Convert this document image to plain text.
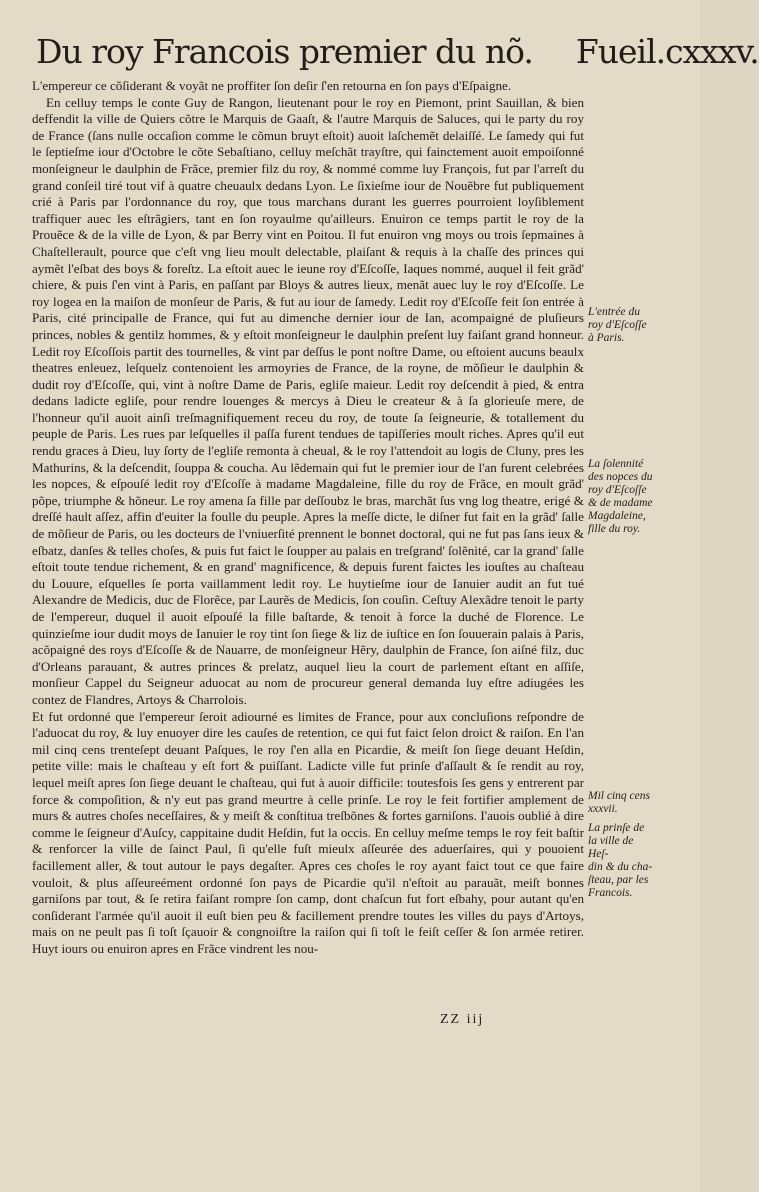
Du roy Francois premier du nõ. Fueil.cxxxv.

L'empereur ce cõſiderant & voyãt ne proffiter ſon deſir ſ'en retourna en ſon pays d'Eſpaigne.

En celluy temps le conte Guy de Rangon, lieutenant pour le roy en Piemont, print Sauillan, & bien deffendit la ville de Quiers cõtre le Marquis de Gaaſt, & l'autre Marquis de Saluces, qui le party du roy de France (ſans nulle occaſion comme le cõmun bruyt eſtoit) auoit laſchemẽt delaiſſé. Le ſamedy qui fut le ſeptieſme iour d'Octobre le cõte Sebaſtiano, celluy meſchãt trayſtre, qui fainctement auoit empoiſonné monſeigneur le daulphin de Frãce, premier filz du roy, & nommé comme luy François, fut par l'arreſt du grand conſeil tiré tout vif à quatre cheuaulx dedans Lyon. Le ſixieſme iour de Nouẽbre fut publiquement crié à Paris par l'ordonnance du roy, que tous marchans durant les guerres pourroient loyſiblement traffiquer auec les eſtrãgiers, tant en ſon royaulme qu'ailleurs. Enuiron ce temps partit le roy de la Prouẽce & de la ville de Lyon, & par Berry vint en Poitou. Il fut enuiron vng moys ou trois ſepmaines à Chaſtellerault, pource que c'eſt vng lieu moult delectable, plaiſant & requis à la chaſſe des princes qui aymẽt l'eſbat des boys & foreſtz. La eſtoit auec le ieune roy d'Eſcoſſe, Iaques nommé, auquel il feit grãd' chiere, & puis ſ'en vint à Paris, en paſſant par Bloys & autres lieux, menãt auec luy le roy d'Eſcoſſe. Le roy logea en la maiſon de monſeur de Paris, & fut au iour de ſamedy. Ledit roy d'Eſcoſſe feit ſon entrée à Paris, cité principalle de France, qui fut au dimenche dernier iour de Ian, acompaigné de pluſieurs princes, nobles & gentilz hommes, & y eſtoit monſeigneur le daulphin preſent luy faiſant grand honneur. Ledit roy Eſcoſſois partit des tournelles, & vint par deſſus le pont noſtre Dame, ou eſtoient aucuns beaulx theatres enleuez, leſquelz contenoient les armoyries de France, de la royne, de mõſieur le daulphin & dudit roy d'Eſcoſſe, qui, vint à noſtre Dame de Paris, egliſe maieur. Ledit roy deſcendit à pied, & entra dedans ladicte egliſe, pour rendre louenges & mercys à Dieu le createur & à ſa glorieuſe mere, de l'honneur qu'il auoit ainſi treſmagnifiquement receu du roy, de toute ſa ſeigneurie, & totallement du peuple de Paris. Les rues par leſquelles il paſſa furent tendues de tapiſſeries moult riches. Apres qu'il eut rendu graces à Dieu, luy ſorty de l'egliſe remonta à cheual, & le roy l'attendoit au logis de Cluny, pres les Mathurins, & la deſcendit, ſouppa & coucha. Au lẽdemain qui fut le premier iour de l'an furent celebrées les nopces, & eſpouſé ledit roy d'Eſcoſſe à madame Magdaleine, fille du roy de Frãce, en moult grãd' põpe, triumphe & hõneur. Le roy amena ſa fille par deſſoubz le bras, marchãt ſus vng log theatre, erigé & dreſſé hault aſſez, affin d'euiter la foulle du peuple. Apres la meſſe dicte, le diſner fut fait en la grãd' ſalle de mõſieur de Paris, ou les docteurs de l'vniuerſité prennent le bonnet doctoral, qui ne fut pas ſans ieux & eſbatz, danſes & telles choſes, & puis fut faict le ſoupper au palais en treſgrand' ſolẽnité, car la grand' ſalle eſtoit toute tendue richement, & en grand' magnificence, & depuis furent faictes les iouſtes au chaſteau du Louure, eſquelles ſe porta vaillamment ledit roy. Le huytieſme iour de Ianuier audit an fut tué Alexandre de Medicis, duc de Florẽce, par Laurẽs de Medicis, ſon couſin. Ceſtuy Alexãdre tenoit le party de l'empereur, duquel il auoit eſpouſé la fille baſtarde, & tenoit à force la duché de Florence. Le quinzieſme iour dudit moys de Ianuier le roy tint ſon ſiege & liz de iuſtice en ſon ſouuerain palais à Paris, acõpaigné des roys d'Eſcoſſe & de Nauarre, de monſeigneur Hẽry, daulphin de France, ſon aiſné filz, duc d'Orleans parauant, & autres princes & prelatz, auquel lieu la court de parlement eſtant en aſſiſe, monſieur Cappel du Seigneur aduocat au nom de procureur general demanda luy eſtre adiugées les contez de Flandres, Artoys & Charrolois.

Et fut ordonné que l'empereur ſeroit adiourné es limites de France, pour aux concluſions reſpondre de l'aduocat du roy, & luy enuoyer dire les cauſes de retention, ce qui fut faict ſelon droict & raiſon. En l'an mil cinq cens trenteſept deuant Paſques, le roy ſ'en alla en Picardie, & meiſt ſon ſiege deuant Heſdin, petite ville: mais le chaſteau y eſt fort & puiſſant. Ladicte ville fut prinſe d'aſſault & ſe rendit au roy, lequel meiſt apres ſon ſiege deuant le chaſteau, qui fut à auoir difficile: toutesfois ſes gens y entrerent par force & compoſition, & n'y eut pas grand meurtre à celle prinſe. Le roy le feit fortifier amplement de murs & autres choſes neceſſaires, & y meiſt & conſtitua treſbõnes & fortes garniſons. I'auois oublié à dire comme le ſeigneur d'Auſcy, cappitaine dudit Heſdin, fut la occis. En celluy meſme temps le roy feit baſtir & renforcer la ville de ſainct Paul, ſi qu'elle fuſt mieulx aſſeurée des aduerſaires, qui y pouoient facillement aller, & tout autour le pays degaſter. Apres ces choſes le roy ayant faict tout ce que faire vouloit, & plus aſſeureément ordonné ſon pays de Picardie qu'il n'eſtoit au parauãt, meiſt bonnes garniſons par tout, & ſe retira faiſant rompre ſon camp, dont chaſcun fut fort eſbahy, pour autant qu'en conſiderant l'armée qu'il auoit il euſt bien peu & facillement prendre toutes les villes du pays d'Artoys, mais on ne peult pas ſi toſt ſçauoir & congnoiſtre la raiſon qui ſi toſt le feiſt ceſſer & ſon armée retirer. Huyt iours ou enuiron apres en Frãce vindrent les nou-

ZZ iij
L'entrée du
roy d'Eſcoſſe
à Paris.
La ſolennité
des nopces du
roy d'Eſcoſſe
& de madame
Magdaleine,
fille du roy.
Mil cinq cens
xxxvii.
La prinſe de
la ville de Heſ-
din & du cha-
ſteau, par les
Francois.
